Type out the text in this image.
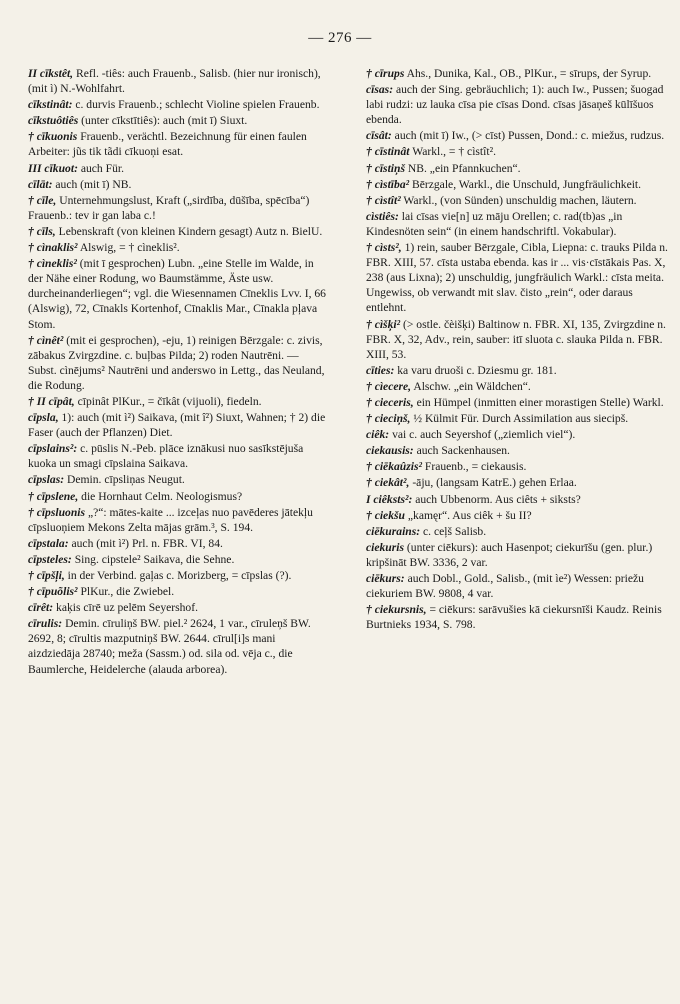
— 276 —
II cīkstêt, Refl. -tiês: auch Frauenb., Salisb. (hier nur ironisch), (mit ì) N.-Wohlfahrt.
cīkstinât: c. durvis Frauenb.; schlecht Violine spielen Frauenb.
cīkstuôtiês (unter cīkstītiês): auch (mit ī) Siuxt.
† cīkuonis Frauenb., verächtl. Bezeichnung für einen faulen Arbeiter: jũs tik tãdi cīkuoņi esat.
III cīkuot: auch Für.
cīlāt: auch (mit ī) NB.
† cīle, Unternehmungslust, Kraft („sirdība, dūšība, spēcība“) Frauenb.: tev ir gan laba c.!
† cīls, Lebenskraft (von kleinen Kindern gesagt) Autz n. BielU.
† cìnaklis² Alswig, = † cìneklis².
† cìneklis² (mit ī gesprochen) Lubn. „eine Stelle im Walde, in der Nähe einer Rodung, wo Baumstämme, Äste usw. durcheinanderliegen“; vgl. die Wiesennamen Cīneklis Lvv. I, 66 (Alswig), 72, Cīnakls Kortenhof, Cīnaklis Mar., Cīnakla pļava Stom.
† cìnêt² (mit ei gesprochen), -eju, 1) reinigen Bērzgale: c. zivis, zābakus Zvirgzdine. c. buļbas Pilda; 2) roden Nautrēni. — Subst. cìnējums² Nautrēni und anderswo in Lettg., das Neuland, die Rodung.
† II cīpât, cīpinât PlKur., = čīkât (vijuoli), fiedeln.
cīpsla, 1): auch (mit ì²) Saikava, (mit î²) Siuxt, Wahnen; † 2) die Faser (auch der Pflanzen) Diet.
cīpslains²: c. pūslis N.-Peb. plāce iznākusi nuo sasīkstējuša kuoka un smagi cīpslaina Saikava.
cīpslas: Demin. cīpsliņas Neugut.
† cīpslene, die Hornhaut Celm. Neologismus?
† cīpsluonis „?“: mātes-kaite ... izceļas nuo pavēderes jātekļu cīpsluoņiem Mekons Zelta mājas grām.³, S. 194.
cīpstala: auch (mit ì²) Prl. n. FBR. VI, 84.
cīpsteles: Sing. cipstele² Saikava, die Sehne.
† cīpšļi, in der Verbind. gaļas c. Morizberg, = cīpslas (?).
† cīpuõlis² PlKur., die Zwiebel.
cīrêt: kaķis cīrē uz pelēm Seyershof.
cīrulis: Demin. cīruliņš BW. piel.² 2624, 1 var., cīruleņš BW. 2692, 8; cīrultis mazputniņš BW. 2644. cīrul[i]s mani aizdziedāja 28740; meža (Sassm.) od. sila od. vēja c., die Baumlerche, Heidelerche (alauda arborea).
† cīrups Ahs., Dunika, Kal., OB., PlKur., = sīrups, der Syrup.
cīsas: auch der Sing. gebräuchlich; 1): auch Iw., Pussen; šuogad labi rudzi: uz lauka cīsa pie cīsas Dond. cīsas jāsaņeš kūlīšuos ebenda.
cīsât: auch (mit ī) Iw., (> cīst) Pussen, Dond.: c. miežus, rudzus.
† cīstinât Warkl., = † cìstît².
† cīstiņš NB. „ein Pfannkuchen“.
† cìstība² Bērzgale, Warkl., die Unschuld, Jungfräulichkeit.
† cìstît² Warkl., (von Sünden) unschuldig machen, läutern.
cìstiês: lai cīsas vie[n] uz māju Orellen; c. rad(tb)as „in Kindesnöten sein“ (in einem handschriftl. Vokabular).
† cìsts², 1) rein, sauber Bērzgale, Cibla, Liepna: c. trauks Pilda n. FBR. XIII, 57. cīsta ustaba ebenda. kas ir ... vis·cīstākais Pas. X, 238 (aus Lixna); 2) unschuldig, jungfräulich Warkl.: cīsta meita. Ungewiss, ob verwandt mit slav. čisto „rein“, oder daraus entlehnt.
† cìšķi² (> ostle. čèišķi) Baltinow n. FBR. XI, 135, Zvirgzdine n. FBR. X, 32, Adv., rein, sauber: itī sluota c. slauka Pilda n. FBR. XIII, 53.
cīties: ka varu druoši c. Dziesmu gr. 181.
† cìecere, Alschw. „ein Wäldchen“.
† cieceris, ein Hümpel (inmitten einer morastigen Stelle) Warkl.
† cieciņš, ½ Külmit Für. Durch Assimilation aus siecipš.
ciêk: vai c. auch Seyershof („ziemlich viel“).
ciekausis: auch Sackenhausen.
† ciēkaûzis² Frauenb., = ciekausis.
† ciekât², -āju, (langsam KatrE.) gehen Erlaa.
I ciêksts²: auch Ubbenorm. Aus ciêts + siksts?
† ciekšu „kamęr“. Aus ciêk + šu II?
ciēkurains: c. ceļš Salisb.
ciekuris (unter ciēkurs): auch Hasenpot; ciekurīšu (gen. plur.) kripšināt BW. 3336, 2 var.
ciēkurs: auch Dobl., Gold., Salisb., (mit ìe²) Wessen: priežu ciekuriem BW. 9808, 4 var.
† ciekursnis, = ciēkurs: sarāvušies kā ciekursnīši Kaudz. Reinis Burtnieks 1934, S. 798.
